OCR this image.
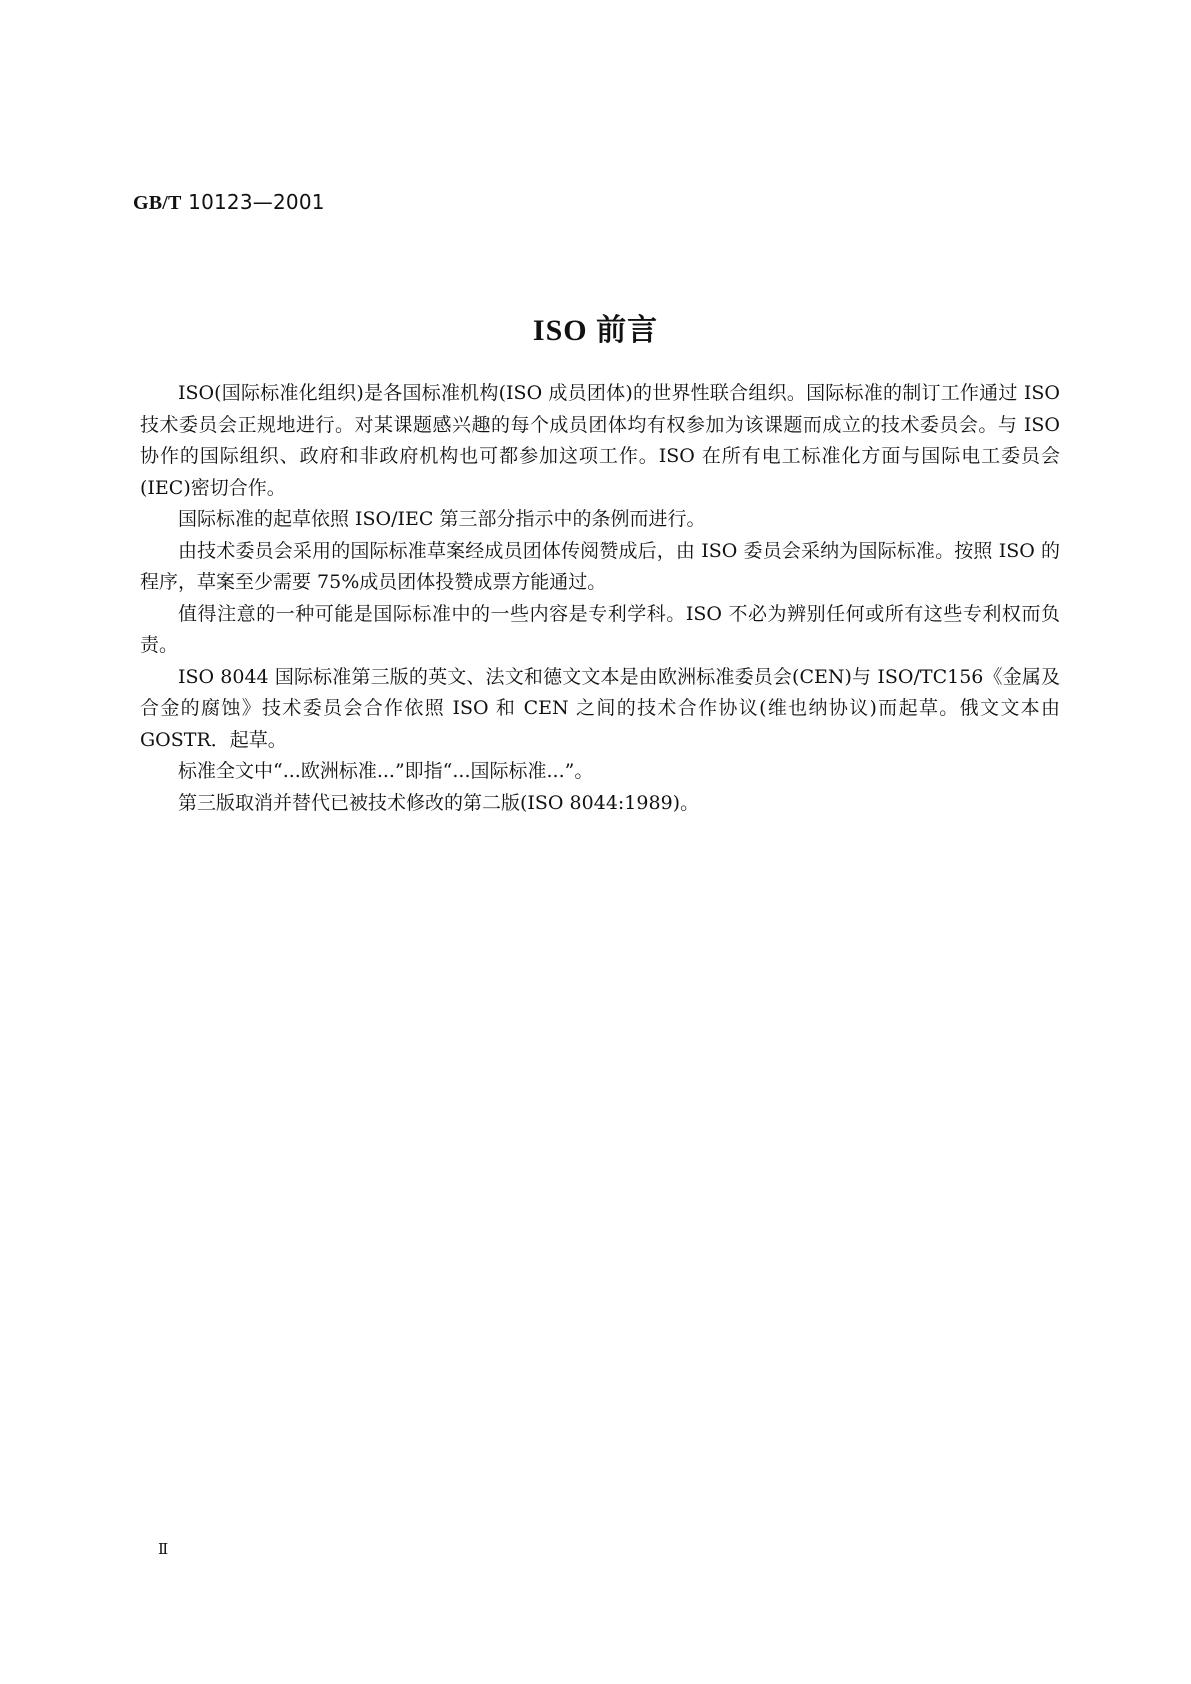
GB/T 10123—2001
ISO 前言

ISO(国际标准化组织)是各国标准机构(ISO 成员团体)的世界性联合组织。国际标准的制订工作通过 ISO 技术委员会正规地进行。对某课题感兴趣的每个成员团体均有权参加为该课题而成立的技术委员会。与 ISO 协作的国际组织、政府和非政府机构也可都参加这项工作。ISO 在所有电工标准化方面与国际电工委员会(IEC)密切合作。

国际标准的起草依照 ISO/IEC 第三部分指示中的条例而进行。

由技术委员会采用的国际标准草案经成员团体传阅赞成后，由 ISO 委员会采纳为国际标准。按照 ISO 的程序，草案至少需要 75%成员团体投赞成票方能通过。

值得注意的一种可能是国际标准中的一些内容是专利学科。ISO 不必为辨别任何或所有这些专利权而负责。

ISO 8044 国际标准第三版的英文、法文和德文文本是由欧洲标准委员会(CEN)与 ISO/TC156《金属及合金的腐蚀》技术委员会合作依照 ISO 和 CEN 之间的技术合作协议(维也纳协议)而起草。俄文文本由 GOSTR．起草。

标准全文中“...欧洲标准...”即指“...国际标准...”。

第三版取消并替代已被技术修改的第二版(ISO 8044:1989)。

Ⅱ
